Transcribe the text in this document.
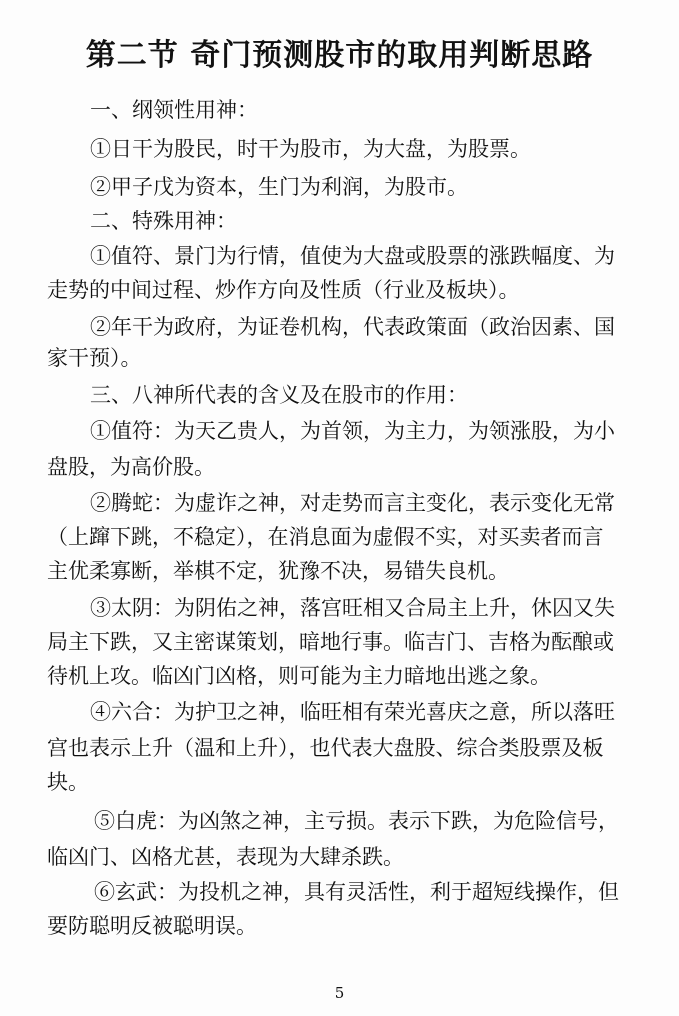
第二节 奇门预测股市的取用判断思路
一、纲领性用神：
①日干为股民，时干为股市，为大盘，为股票。
②甲子戊为资本，生门为利润，为股市。
二、特殊用神：
①值符、景门为行情，值使为大盘或股票的涨跌幅度、为
走势的中间过程、炒作方向及性质（行业及板块）。
②年干为政府，为证卷机构，代表政策面（政治因素、国
家干预）。
三、八神所代表的含义及在股市的作用：
①值符：为天乙贵人，为首领，为主力，为领涨股，为小
盘股，为高价股。
②腾蛇：为虚诈之神，对走势而言主变化，表示变化无常
（上蹿下跳，不稳定），在消息面为虚假不实，对买卖者而言
主优柔寡断，举棋不定，犹豫不决，易错失良机。
③太阴：为阴佑之神，落宫旺相又合局主上升，休囚又失
局主下跌，又主密谋策划，暗地行事。临吉门、吉格为酝酿或
待机上攻。临凶门凶格，则可能为主力暗地出逃之象。
④六合：为护卫之神，临旺相有荣光喜庆之意，所以落旺
宫也表示上升（温和上升），也代表大盘股、综合类股票及板
块。
⑤白虎：为凶煞之神，主亏损。表示下跌，为危险信号，
临凶门、凶格尤甚，表现为大肆杀跌。
⑥玄武：为投机之神，具有灵活性，利于超短线操作，但
要防聪明反被聪明误。
5
